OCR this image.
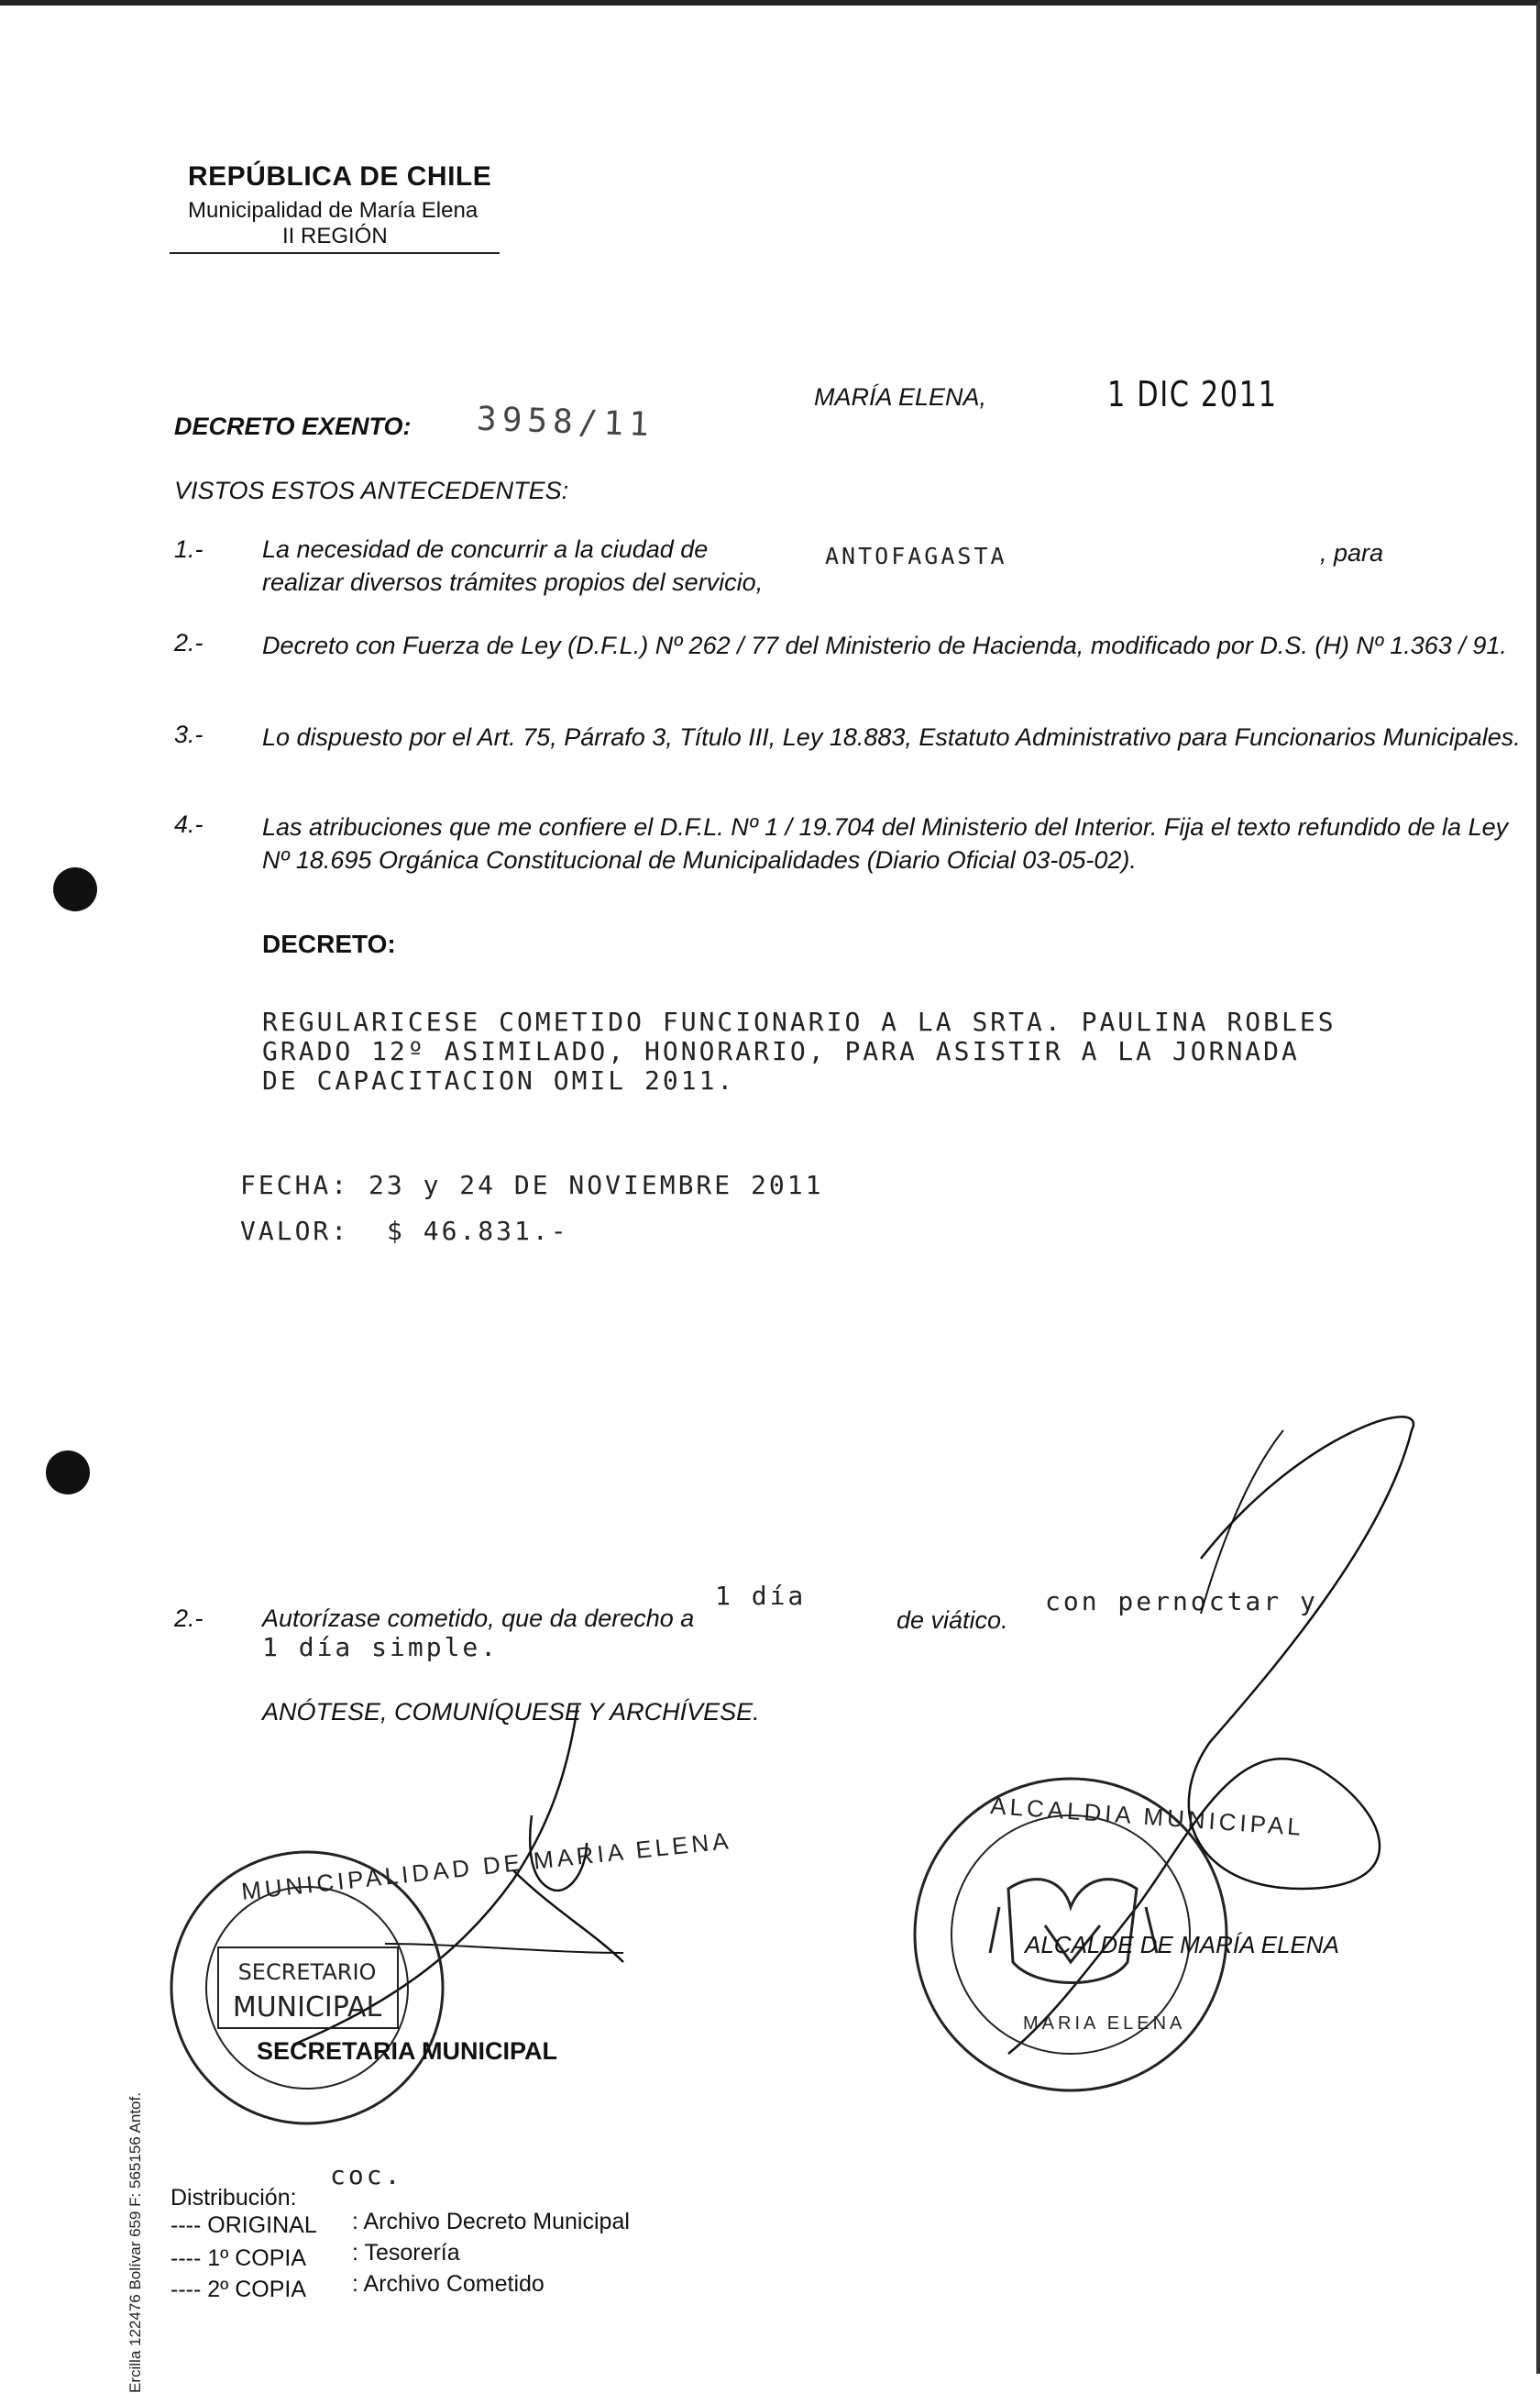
REPÚBLICA DE CHILE
Municipalidad de María Elena
II REGIÓN
DECRETO EXENTO: 3958/11
MARÍA ELENA,	1 DIC 2011
VISTOS ESTOS ANTECEDENTES:
1.-	La necesidad de concurrir a la ciudad de
realizar diversos trámites propios del servicio,
ANTOFAGASTA	, para
2.-	Decreto con Fuerza de Ley (D.F.L.) Nº 262 / 77 del Ministerio de Hacienda, modificado por D.S. (H) Nº 1.363 / 91.
3.-	Lo dispuesto por el Art. 75, Párrafo 3, Título III, Ley 18.883, Estatuto Administrativo para Funcionarios Municipales.
4.-	Las atribuciones que me confiere el D.F.L. Nº 1 / 19.704 del Ministerio del Interior. Fija el texto refundido de la Ley Nº 18.695 Orgánica Constitucional de Municipalidades (Diario Oficial 03-05-02).
DECRETO:
REGULARICESE COMETIDO FUNCIONARIO A LA SRTA. PAULINA ROBLES
GRADO 12º ASIMILADO, HONORARIO, PARA ASISTIR A LA JORNADA
DE CAPACITACION OMIL 2011.
FECHA: 23 y 24 DE NOVIEMBRE 2011
VALOR: $ 46.831.-
2.-	Autorízase cometido, que da derecho a
1 día
de viático.
con pernoctar y
1 día simple.
ANÓTESE, COMUNÍQUESE Y ARCHÍVESE.
SECRETARIO
MUNICIPAL
MUNICIPALIDAD DE MARIA ELENA
ALCALDIA MUNICIPAL
MARIA ELENA
ALCALDE DE MARÍA ELENA
SECRETARIA MUNICIPAL
coc.
Distribución:
---- ORIGINAL : Archivo Decreto Municipal
---- 1º COPIA : Tesorería
---- 2º COPIA : Archivo Cometido
Ercilla 122476 Bolívar 659 F: 565156 Antof.
